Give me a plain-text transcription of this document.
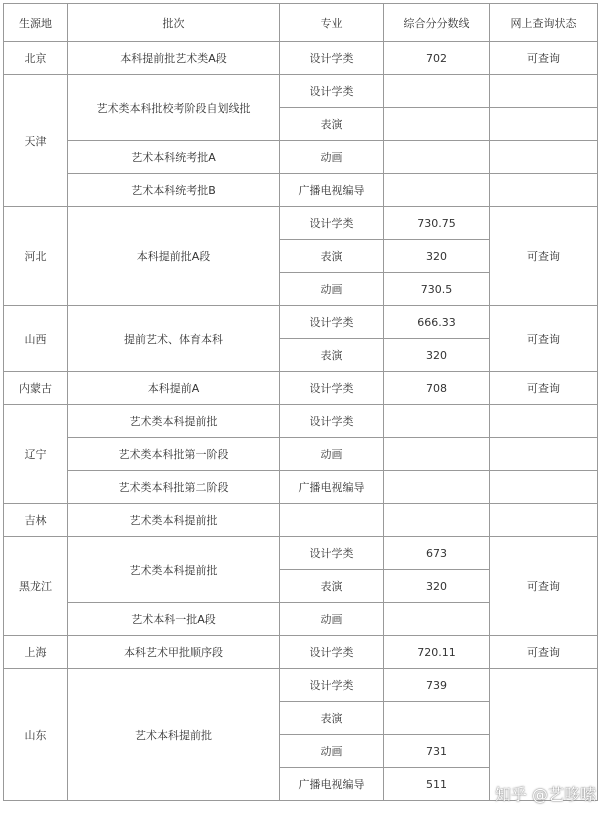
生源地	批次	专业	综合分分数线	网上查询状态
北京	本科提前批艺术类A段	设计学类	702	可查询
天津	艺术类本科批校考阶段自划线批	设计学类		
		表演		
	艺术本科统考批A	动画		
	艺术本科统考批B	广播电视编导		
河北	本科提前批A段	设计学类	730.75	可查询
		表演	320	
		动画	730.5	
山西	提前艺术、体育本科	设计学类	666.33	可查询
		表演	320	
内蒙古	本科提前A	设计学类	708	可查询
辽宁	艺术类本科提前批	设计学类		
	艺术类本科批第一阶段	动画		
	艺术类本科批第二阶段	广播电视编导		
吉林	艺术类本科提前批			
黑龙江	艺术类本科提前批	设计学类	673	可查询
		表演	320	
	艺术本科一批A段	动画		
上海	本科艺术甲批顺序段	设计学类	720.11	可查询
山东	艺术本科提前批	设计学类	739	
		表演		
		动画	731	
		广播电视编导	511	
知乎 @艺哆嗦
